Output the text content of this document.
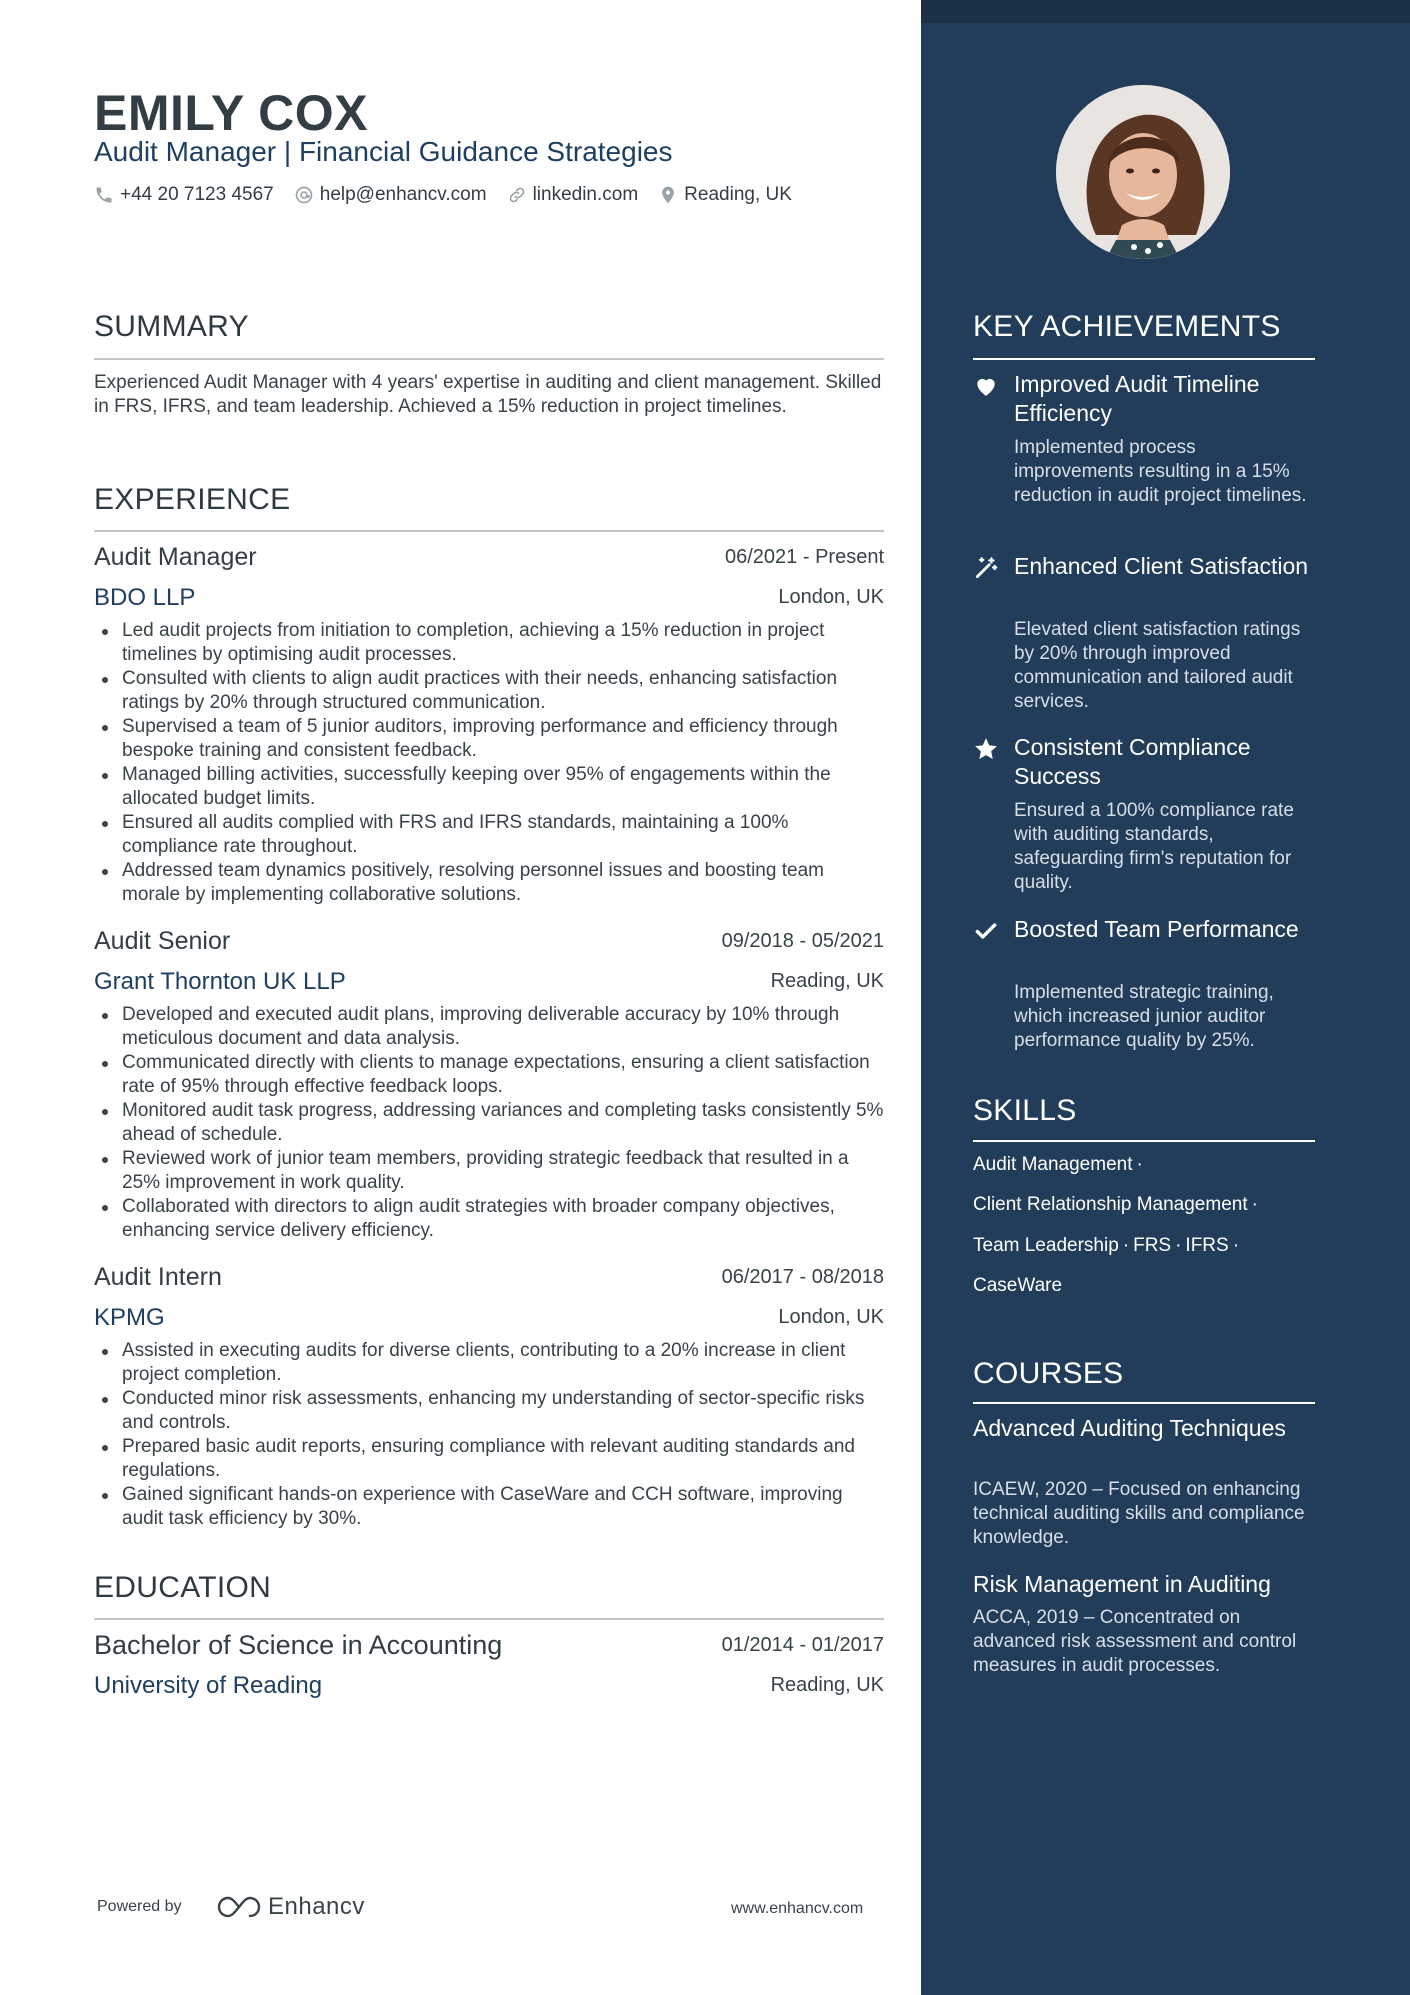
EMILY COX
Audit Manager | Financial Guidance Strategies
+44 20 7123 4567 help@enhancv.com linkedin.com Reading, UK
SUMMARY
Experienced Audit Manager with 4 years' expertise in auditing and client management. Skilled in FRS, IFRS, and team leadership. Achieved a 15% reduction in project timelines.
EXPERIENCE
Audit Manager	06/2021 - Present
BDO LLP	London, UK
Led audit projects from initiation to completion, achieving a 15% reduction in project timelines by optimising audit processes.
Consulted with clients to align audit practices with their needs, enhancing satisfaction ratings by 20% through structured communication.
Supervised a team of 5 junior auditors, improving performance and efficiency through bespoke training and consistent feedback.
Managed billing activities, successfully keeping over 95% of engagements within the allocated budget limits.
Ensured all audits complied with FRS and IFRS standards, maintaining a 100% compliance rate throughout.
Addressed team dynamics positively, resolving personnel issues and boosting team morale by implementing collaborative solutions.
Audit Senior	09/2018 - 05/2021
Grant Thornton UK LLP	Reading, UK
Developed and executed audit plans, improving deliverable accuracy by 10% through meticulous document and data analysis.
Communicated directly with clients to manage expectations, ensuring a client satisfaction rate of 95% through effective feedback loops.
Monitored audit task progress, addressing variances and completing tasks consistently 5% ahead of schedule.
Reviewed work of junior team members, providing strategic feedback that resulted in a 25% improvement in work quality.
Collaborated with directors to align audit strategies with broader company objectives, enhancing service delivery efficiency.
Audit Intern	06/2017 - 08/2018
KPMG	London, UK
Assisted in executing audits for diverse clients, contributing to a 20% increase in client project completion.
Conducted minor risk assessments, enhancing my understanding of sector-specific risks and controls.
Prepared basic audit reports, ensuring compliance with relevant auditing standards and regulations.
Gained significant hands-on experience with CaseWare and CCH software, improving audit task efficiency by 30%.
EDUCATION
Bachelor of Science in Accounting	01/2014 - 01/2017
University of Reading	Reading, UK
Powered by	Enhancv	www.enhancv.com
KEY ACHIEVEMENTS
Improved Audit Timeline Efficiency
Implemented process improvements resulting in a 15% reduction in audit project timelines.
Enhanced Client Satisfaction
Elevated client satisfaction ratings by 20% through improved communication and tailored audit services.
Consistent Compliance Success
Ensured a 100% compliance rate with auditing standards, safeguarding firm's reputation for quality.
Boosted Team Performance
Implemented strategic training, which increased junior auditor performance quality by 25%.
SKILLS
Audit Management ·
Client Relationship Management ·
Team Leadership · FRS · IFRS ·
CaseWare
COURSES
Advanced Auditing Techniques
ICAEW, 2020 – Focused on enhancing technical auditing skills and compliance knowledge.
Risk Management in Auditing
ACCA, 2019 – Concentrated on advanced risk assessment and control measures in audit processes.
